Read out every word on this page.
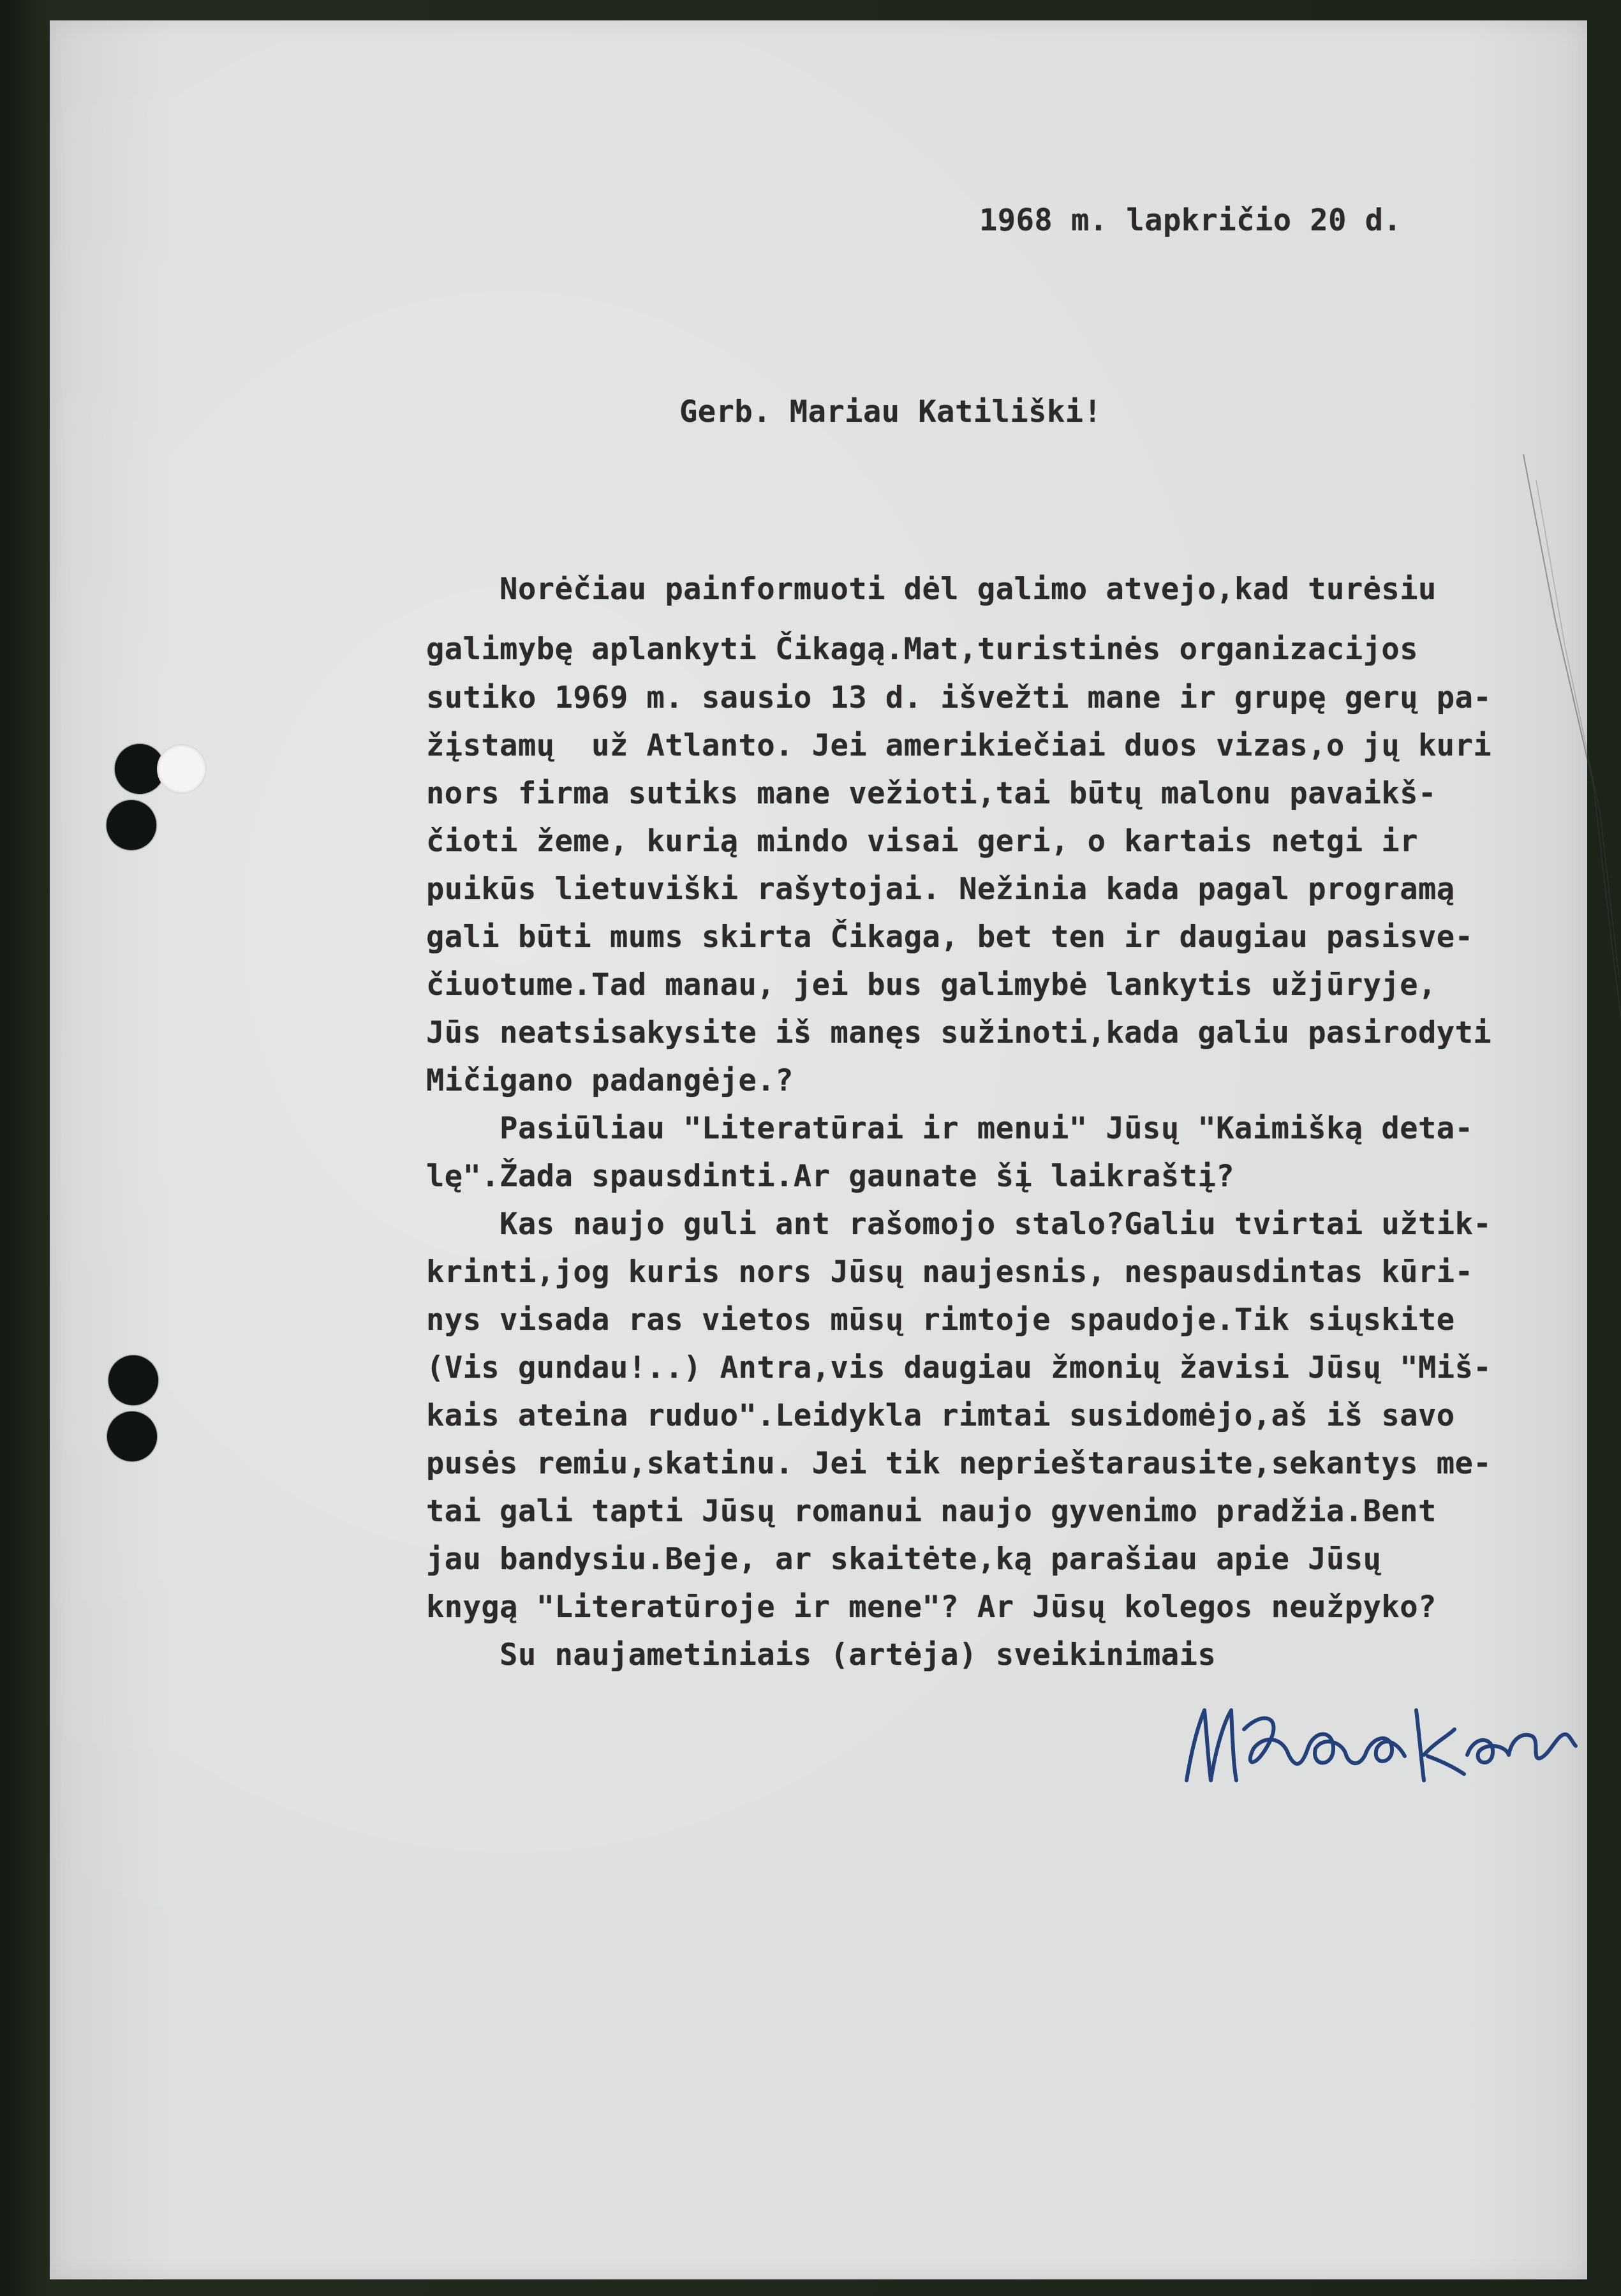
1968 m. lapkričio 20 d.
Gerb. Mariau Katiliški!
Norėčiau painformuoti dėl galimo atvejo,kad turėsiu
galimybę aplankyti Čikagą.Mat,turistinės organizacijos
sutiko 1969 m. sausio 13 d. išvežti mane ir grupę gerų pa-
žįstamų  už Atlanto. Jei amerikiečiai duos vizas,o jų kuri
nors firma sutiks mane vežioti,tai būtų malonu pavaikš-
čioti žeme, kurią mindo visai geri, o kartais netgi ir
puikūs lietuviški rašytojai. Nežinia kada pagal programą
gali būti mums skirta Čikaga, bet ten ir daugiau pasisve-
čiuotume.Tad manau, jei bus galimybė lankytis užjūryje,
Jūs neatsisakysite iš manęs sužinoti,kada galiu pasirodyti
Mičigano padangėje.?
Pasiūliau "Literatūrai ir menui" Jūsų "Kaimišką deta-
lę".Žada spausdinti.Ar gaunate šį laikraštį?
Kas naujo guli ant rašomojo stalo?Galiu tvirtai užtik-
krinti,jog kuris nors Jūsų naujesnis, nespausdintas kūri-
nys visada ras vietos mūsų rimtoje spaudoje.Tik siųskite
(Vis gundau!..) Antra,vis daugiau žmonių žavisi Jūsų "Miš-
kais ateina ruduo".Leidykla rimtai susidomėjo,aš iš savo
pusės remiu,skatinu. Jei tik neprieštarausite,sekantys me-
tai gali tapti Jūsų romanui naujo gyvenimo pradžia.Bent
jau bandysiu.Beje, ar skaitėte,ką parašiau apie Jūsų
knygą "Literatūroje ir mene"? Ar Jūsų kolegos neužpyko?
Su naujametiniais (artėja) sveikinimais
